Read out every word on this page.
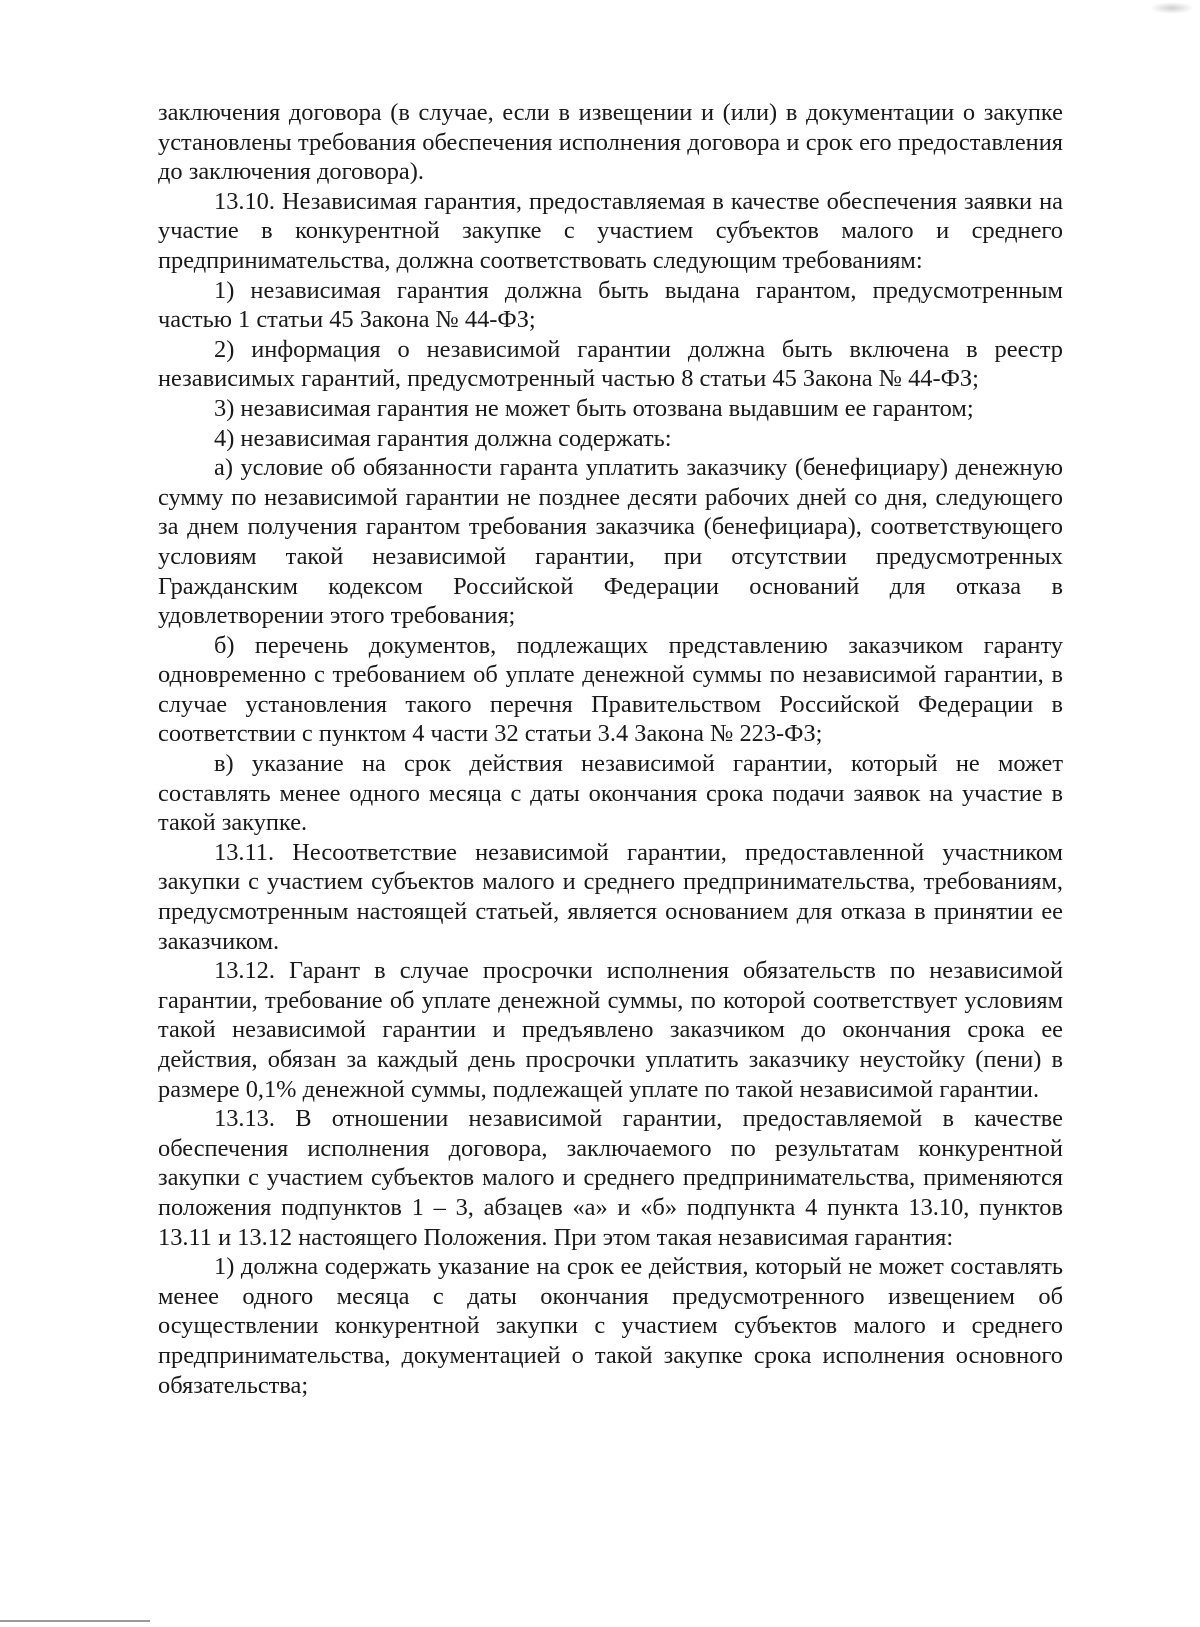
заключения договора (в случае, если в извещении и (или) в документации о закупке установлены требования обеспечения исполнения договора и срок его предоставления до заключения договора).

13.10. Независимая гарантия, предоставляемая в качестве обеспечения заявки на участие в конкурентной закупке с участием субъектов малого и среднего предпринимательства, должна соответствовать следующим требованиям:

1) независимая гарантия должна быть выдана гарантом, предусмотренным частью 1 статьи 45 Закона № 44-ФЗ;

2) информация о независимой гарантии должна быть включена в реестр независимых гарантий, предусмотренный частью 8 статьи 45 Закона № 44-ФЗ;

3) независимая гарантия не может быть отозвана выдавшим ее гарантом;

4) независимая гарантия должна содержать:

а) условие об обязанности гаранта уплатить заказчику (бенефициару) денежную сумму по независимой гарантии не позднее десяти рабочих дней со дня, следующего за днем получения гарантом требования заказчика (бенефициара), соответствующего условиям такой независимой гарантии, при отсутствии предусмотренных Гражданским кодексом Российской Федерации оснований для отказа в удовлетворении этого требования;

б) перечень документов, подлежащих представлению заказчиком гаранту одновременно с требованием об уплате денежной суммы по независимой гарантии, в случае установления такого перечня Правительством Российской Федерации в соответствии с пунктом 4 части 32 статьи 3.4 Закона № 223-ФЗ;

в) указание на срок действия независимой гарантии, который не может составлять менее одного месяца с даты окончания срока подачи заявок на участие в такой закупке.

13.11. Несоответствие независимой гарантии, предоставленной участником закупки с участием субъектов малого и среднего предпринимательства, требованиям, предусмотренным настоящей статьей, является основанием для отказа в принятии ее заказчиком.

13.12. Гарант в случае просрочки исполнения обязательств по независимой гарантии, требование об уплате денежной суммы, по которой соответствует условиям такой независимой гарантии и предъявлено заказчиком до окончания срока ее действия, обязан за каждый день просрочки уплатить заказчику неустойку (пени) в размере 0,1% денежной суммы, подлежащей уплате по такой независимой гарантии.

13.13. В отношении независимой гарантии, предоставляемой в качестве обеспечения исполнения договора, заключаемого по результатам конкурентной закупки с участием субъектов малого и среднего предпринимательства, применяются положения подпунктов 1 – 3, абзацев «а» и «б» подпункта 4 пункта 13.10, пунктов 13.11 и 13.12 настоящего Положения. При этом такая независимая гарантия:

1) должна содержать указание на срок ее действия, который не может составлять менее одного месяца с даты окончания предусмотренного извещением об осуществлении конкурентной закупки с участием субъектов малого и среднего предпринимательства, документацией о такой закупке срока исполнения основного обязательства;
